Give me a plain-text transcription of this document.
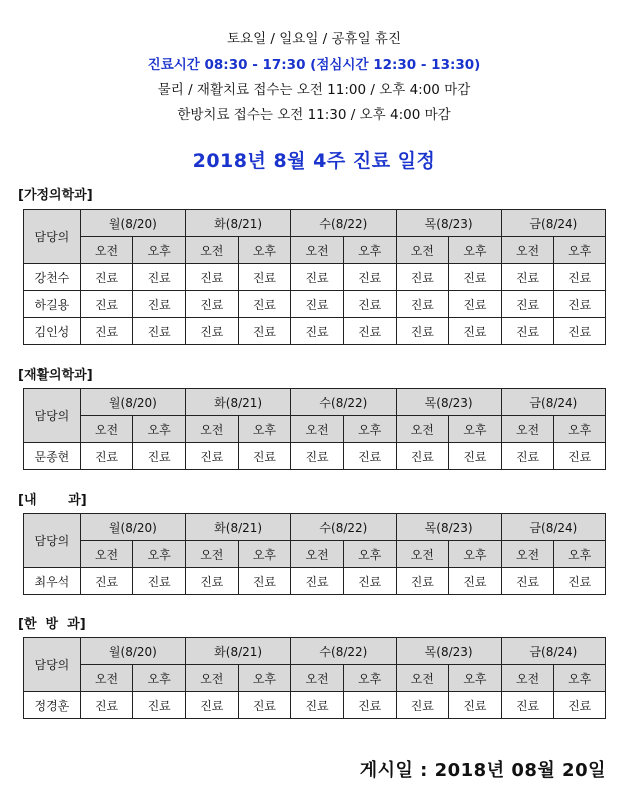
토요일 / 일요일 / 공휴일 휴진
진료시간 08:30 - 17:30 (점심시간 12:30 - 13:30)
물리 / 재활치료 접수는 오전 11:00 / 오후 4:00 마감
한방치료 접수는 오전 11:30 / 오후 4:00 마감
2018년 8월 4주 진료 일정
[가정의학과]
담당의	월(8/20)		화(8/21)		수(8/22)		목(8/23)		금(8/24)	
	오전	오후	오전	오후	오전	오후	오전	오후	오전	오후
강천수	진료	진료	진료	진료	진료	진료	진료	진료	진료	진료
하길용	진료	진료	진료	진료	진료	진료	진료	진료	진료	진료
김인성	진료	진료	진료	진료	진료	진료	진료	진료	진료	진료
[재활의학과]
담당의	월(8/20)		화(8/21)		수(8/22)		목(8/23)		금(8/24)	
	오전	오후	오전	오후	오전	오후	오전	오후	오전	오후
문종현	진료	진료	진료	진료	진료	진료	진료	진료	진료	진료
[내       과]
담당의	월(8/20)		화(8/21)		수(8/22)		목(8/23)		금(8/24)	
	오전	오후	오전	오후	오전	오후	오전	오후	오전	오후
최우석	진료	진료	진료	진료	진료	진료	진료	진료	진료	진료
[한  방  과]
담당의	월(8/20)		화(8/21)		수(8/22)		목(8/23)		금(8/24)	
	오전	오후	오전	오후	오전	오후	오전	오후	오전	오후
정경훈	진료	진료	진료	진료	진료	진료	진료	진료	진료	진료
게시일 : 2018년 08월 20일
